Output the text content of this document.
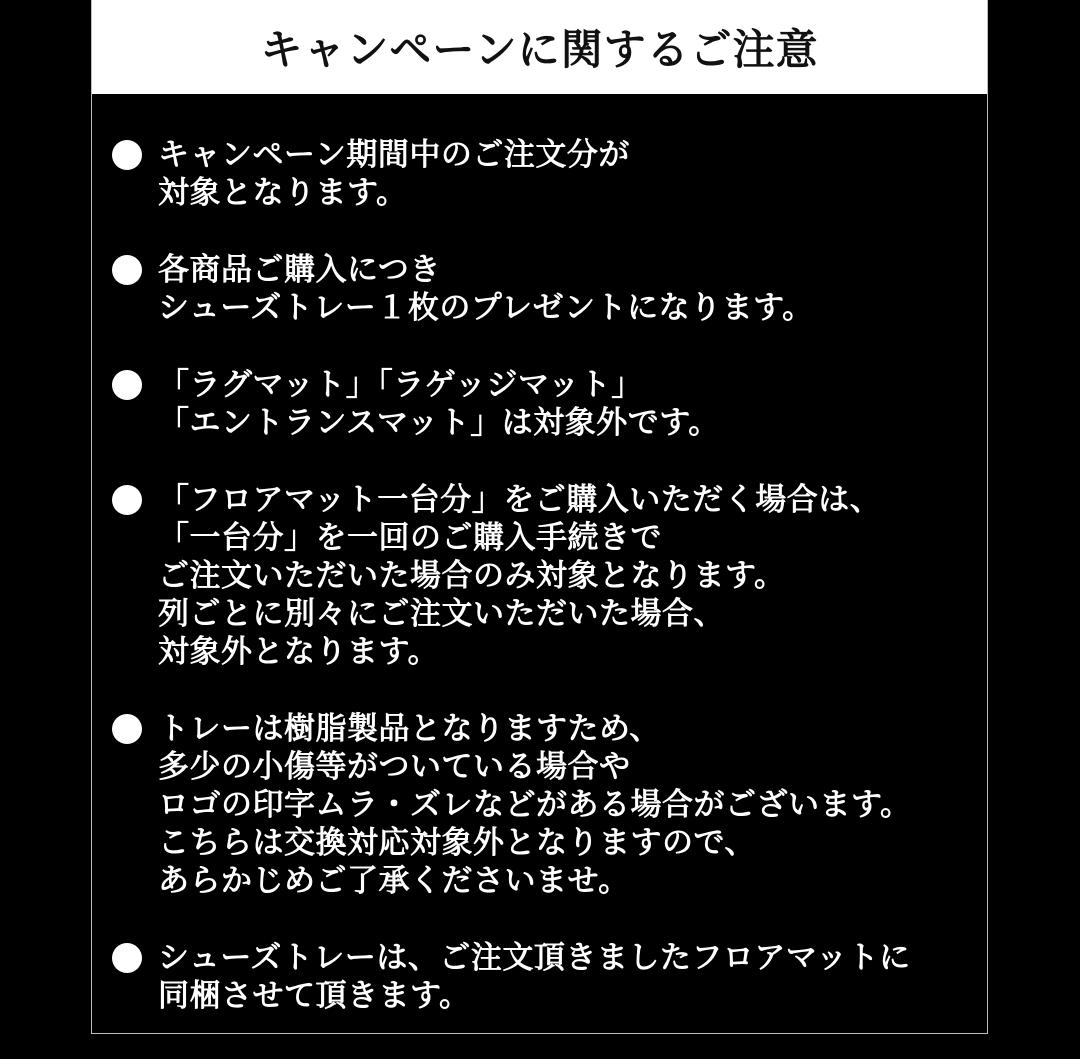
キャンペーンに関するご注意
キャンペーン期間中のご注文分が
対象となります。
各商品ご購入につき
シューズトレー１枚のプレゼントになります。
「ラグマット」「ラゲッジマット」
「エントランスマット」は対象外です。
「フロアマット一台分」をご購入いただく場合は、
「一台分」を一回のご購入手続きで
ご注文いただいた場合のみ対象となります。
列ごとに別々にご注文いただいた場合、
対象外となります。
トレーは樹脂製品となりますため、
多少の小傷等がついている場合や
ロゴの印字ムラ・ズレなどがある場合がございます。
こちらは交換対応対象外となりますので、
あらかじめご了承くださいませ。
シューズトレーは、ご注文頂きましたフロアマットに
同梱させて頂きます。
